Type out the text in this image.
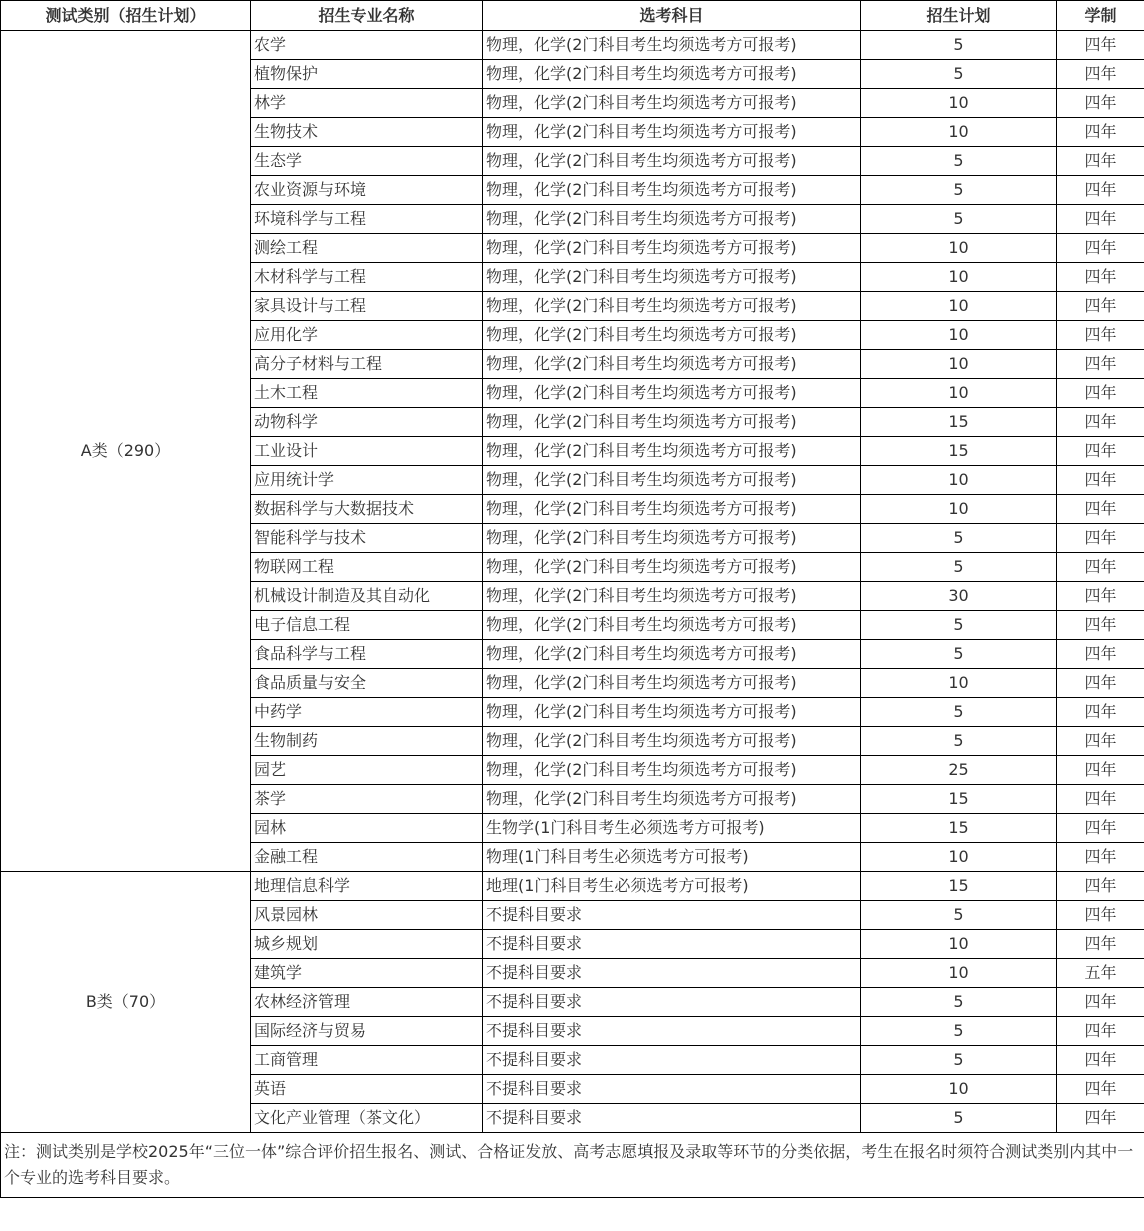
测试类别（招生计划）	招生专业名称	选考科目	招生计划	学制
A类（290）	农学	物理，化学(2门科目考生均须选考方可报考)	5	四年
	植物保护	物理，化学(2门科目考生均须选考方可报考)	5	四年
	林学	物理，化学(2门科目考生均须选考方可报考)	10	四年
	生物技术	物理，化学(2门科目考生均须选考方可报考)	10	四年
	生态学	物理，化学(2门科目考生均须选考方可报考)	5	四年
	农业资源与环境	物理，化学(2门科目考生均须选考方可报考)	5	四年
	环境科学与工程	物理，化学(2门科目考生均须选考方可报考)	5	四年
	测绘工程	物理，化学(2门科目考生均须选考方可报考)	10	四年
	木材科学与工程	物理，化学(2门科目考生均须选考方可报考)	10	四年
	家具设计与工程	物理，化学(2门科目考生均须选考方可报考)	10	四年
	应用化学	物理，化学(2门科目考生均须选考方可报考)	10	四年
	高分子材料与工程	物理，化学(2门科目考生均须选考方可报考)	10	四年
	土木工程	物理，化学(2门科目考生均须选考方可报考)	10	四年
	动物科学	物理，化学(2门科目考生均须选考方可报考)	15	四年
	工业设计	物理，化学(2门科目考生均须选考方可报考)	15	四年
	应用统计学	物理，化学(2门科目考生均须选考方可报考)	10	四年
	数据科学与大数据技术	物理，化学(2门科目考生均须选考方可报考)	10	四年
	智能科学与技术	物理，化学(2门科目考生均须选考方可报考)	5	四年
	物联网工程	物理，化学(2门科目考生均须选考方可报考)	5	四年
	机械设计制造及其自动化	物理，化学(2门科目考生均须选考方可报考)	30	四年
	电子信息工程	物理，化学(2门科目考生均须选考方可报考)	5	四年
	食品科学与工程	物理，化学(2门科目考生均须选考方可报考)	5	四年
	食品质量与安全	物理，化学(2门科目考生均须选考方可报考)	10	四年
	中药学	物理，化学(2门科目考生均须选考方可报考)	5	四年
	生物制药	物理，化学(2门科目考生均须选考方可报考)	5	四年
	园艺	物理，化学(2门科目考生均须选考方可报考)	25	四年
	茶学	物理，化学(2门科目考生均须选考方可报考)	15	四年
	园林	生物学(1门科目考生必须选考方可报考)	15	四年
	金融工程	物理(1门科目考生必须选考方可报考)	10	四年
B类（70）	地理信息科学	地理(1门科目考生必须选考方可报考)	15	四年
	风景园林	不提科目要求	5	四年
	城乡规划	不提科目要求	10	四年
	建筑学	不提科目要求	10	五年
	农林经济管理	不提科目要求	5	四年
	国际经济与贸易	不提科目要求	5	四年
	工商管理	不提科目要求	5	四年
	英语	不提科目要求	10	四年
	文化产业管理（茶文化）	不提科目要求	5	四年
注：测试类别是学校2025年“三位一体”综合评价招生报名、测试、合格证发放、高考志愿填报及录取等环节的分类依据，考生在报名时须符合测试类别内其中一个专业的选考科目要求。				
